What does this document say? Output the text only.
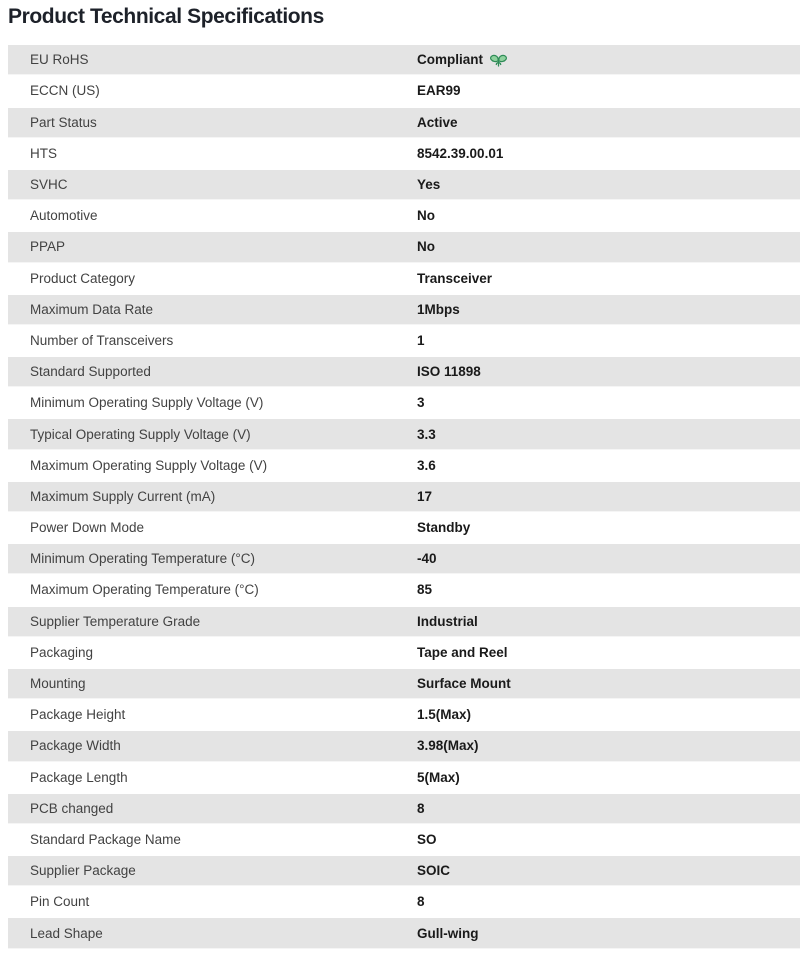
Product Technical Specifications
EU RoHS	Compliant
ECCN (US)	EAR99
Part Status	Active
HTS	8542.39.00.01
SVHC	Yes
Automotive	No
PPAP	No
Product Category	Transceiver
Maximum Data Rate	1Mbps
Number of Transceivers	1
Standard Supported	ISO 11898
Minimum Operating Supply Voltage (V)	3
Typical Operating Supply Voltage (V)	3.3
Maximum Operating Supply Voltage (V)	3.6
Maximum Supply Current (mA)	17
Power Down Mode	Standby
Minimum Operating Temperature (°C)	-40
Maximum Operating Temperature (°C)	85
Supplier Temperature Grade	Industrial
Packaging	Tape and Reel
Mounting	Surface Mount
Package Height	1.5(Max)
Package Width	3.98(Max)
Package Length	5(Max)
PCB changed	8
Standard Package Name	SO
Supplier Package	SOIC
Pin Count	8
Lead Shape	Gull-wing
